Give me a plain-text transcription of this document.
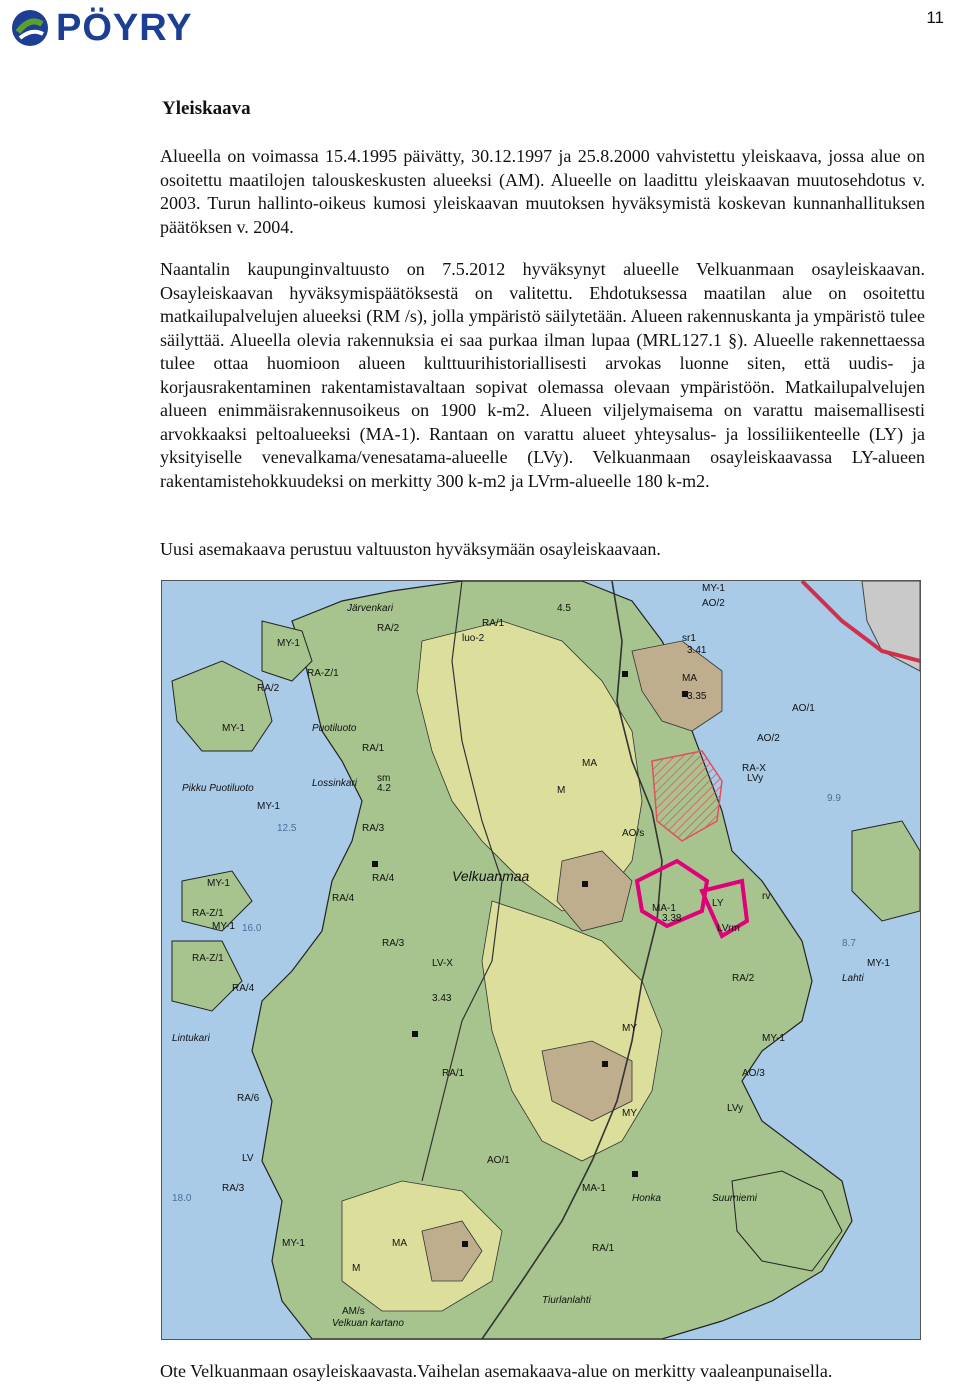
PÖYRY	11
Yleiskaava

Alueella on voimassa 15.4.1995 päivätty, 30.12.1997 ja 25.8.2000 vahvistettu yleiskaava, jossa alue on osoitettu maatilojen talouskeskusten alueeksi (AM). Alueelle on laadittu yleiskaavan muutosehdotus v. 2003. Turun hallinto-oikeus kumosi yleiskaavan muutoksen hyväksymistä koskevan kunnanhallituksen päätöksen v. 2004.

Naantalin kaupunginvaltuusto on 7.5.2012 hyväksynyt alueelle Velkuanmaan osayleiskaavan. Osayleiskaavan hyväksymispäätöksestä on valitettu. Ehdotuksessa maatilan alue on osoitettu matkailupalvelujen alueeksi (RM /s), jolla ympäristö säilytetään. Alueen rakennuskanta ja ympäristö tulee säilyttää. Alueella olevia rakennuksia ei saa purkaa ilman lupaa (MRL127.1 §). Alueelle rakennettaessa tulee ottaa huomioon alueen kulttuurihistoriallisesti arvokas luonne siten, että uudis- ja korjausrakentaminen rakentamistavaltaan sopivat olemassa olevaan ympäristöön. Matkailupalvelujen alueen enimmäisrakennusoikeus on 1900 k-m2. Alueen viljelymaisema on varattu maisemallisesti arvokkaaksi peltoalueeksi (MA-1). Rantaan on varattu alueet yhteysalus- ja lossiliikenteelle (LY) ja yksityiselle venevalkama/venesatama-alueelle (LVy). Velkuanmaan osayleiskaavassa LY-alueen rakentamistehokkuudeksi on merkitty 300 k-m2 ja LVrm-alueelle 180 k-m2.

Uusi asemakaava perustuu valtuuston hyväksymään osayleiskaavaan.

Järvenkari
Puotiluoto
Lossinkari
Pikku Puotiluoto
Velkuanmaa
Lintukari
Suurniemi
Tiurlanlahti
Velkuan kartano
Honka
RA/2
RA/2
RA/2
RA-Z/1
RA-Z/1
RA-Z/1
MY-1
MY-1
MY-1
MY-1
MY-1
MY-1
MY-1
MY-1
MY-1
RA/4
RA/4
RA/4
RA/3
RA/3
RA/3
RA/1
RA/1
RA/1
RA/1
RA/6
MA
MA
MA
MA-1
MA-1
M
M
MY
MY
AO/1
AO/1
AO/2
AO/2
AO/3
AO/s
AM/s
LV
LVy
LVy
LVrm
LY
LV-X
RA-X
sm
luo-2	sr1
4.5
4.2
3.43
3.41
3.35
3.38
rv
Lahti
12.5
16.0
18.0
9.9
8.7
Ote Velkuanmaan osayleiskaavasta.Vaihelan asemakaava-alue on merkitty vaaleanpunaisella.
